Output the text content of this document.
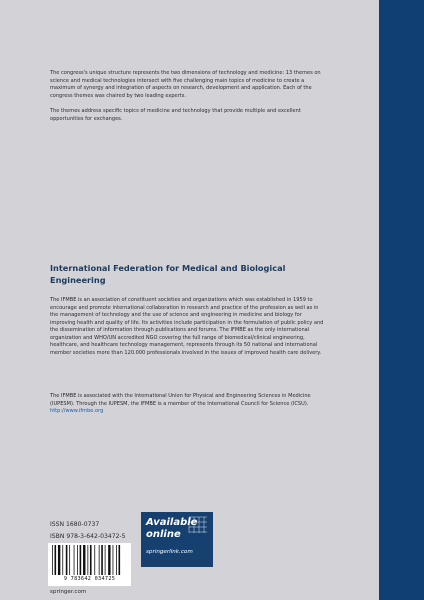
The congress's unique structure represents the two dimensions of technology and medicine: 13 themes on science and medical technologies intersect with five challenging main topics of medicine to create a maximum of synergy and integration of aspects on research, development and application. Each of the congress themes was chaired by two leading experts.

The themes address specific topics of medicine and technology that provide multiple and excellent opportunities for exchanges.

International Federation for Medical and Biological Engineering

The IFMBE is an association of constituent societies and organizations which was established in 1959 to encourage and promote international collaboration in research and practice of the profession as well as in the management of technology and the use of science and engineering in medicine and biology for improving health and quality of life. Its activities include participation in the formulation of public policy and the dissemination of information through publications and forums. The IFMBE as the only international organization and WHO/UN accredited NGO covering the full range of biomedical/clinical engineering, healthcare, and healthcare technology management, represents through its 50 national and international member societies more than 120.000 professionals involved in the issues of improved health care delivery.

The IFMBE is associated with the International Union for Physical and Engineering Sciences in Medicine (IUPESM). Through the IUPESM, the IFMBE is a member of the International Council for Science (ICSU). http://www.ifmbe.org

ISSN 1680-0737
ISBN 978-3-642-03472-5
9 783642 034725
Available online
springerlink.com
springer.com
